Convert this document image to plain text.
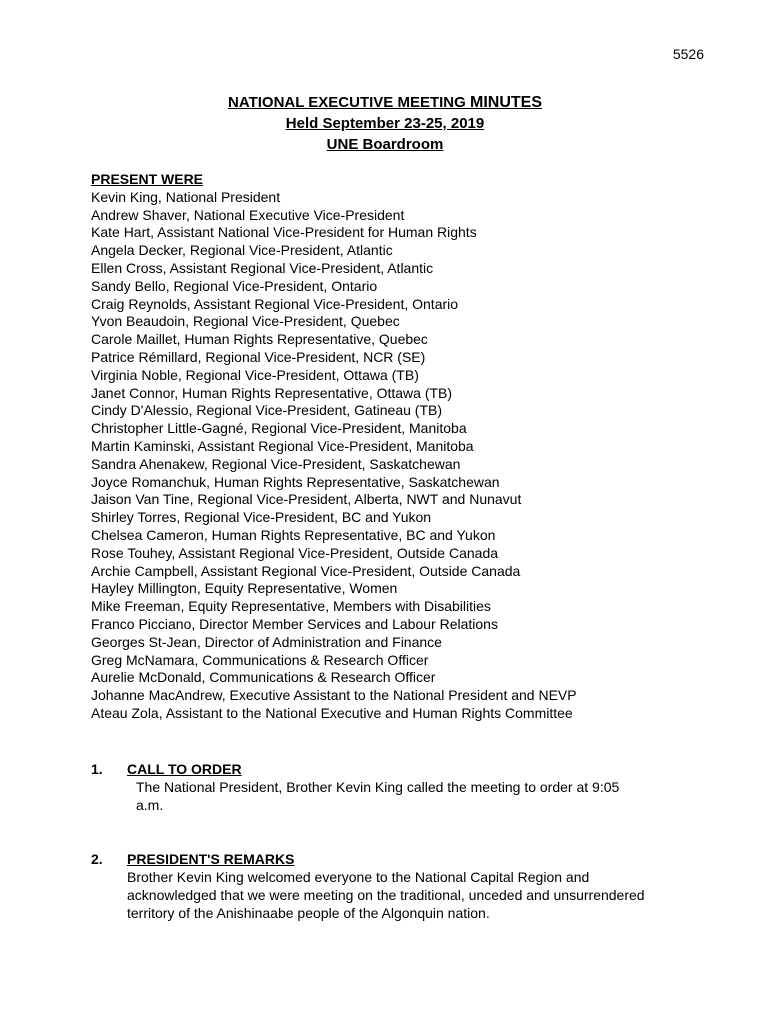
5526
NATIONAL EXECUTIVE MEETING MINUTES
Held September 23-25, 2019
UNE Boardroom
PRESENT WERE
Kevin King, National President
Andrew Shaver, National Executive Vice-President
Kate Hart, Assistant National Vice-President for Human Rights
Angela Decker, Regional Vice-President, Atlantic
Ellen Cross, Assistant Regional Vice-President, Atlantic
Sandy Bello, Regional Vice-President, Ontario
Craig Reynolds, Assistant Regional Vice-President, Ontario
Yvon Beaudoin, Regional Vice-President, Quebec
Carole Maillet, Human Rights Representative, Quebec
Patrice Rémillard, Regional Vice-President, NCR (SE)
Virginia Noble, Regional Vice-President, Ottawa (TB)
Janet Connor, Human Rights Representative, Ottawa (TB)
Cindy D'Alessio, Regional Vice-President, Gatineau (TB)
Christopher Little-Gagné, Regional Vice-President, Manitoba
Martin Kaminski, Assistant Regional Vice-President, Manitoba
Sandra Ahenakew, Regional Vice-President, Saskatchewan
Joyce Romanchuk, Human Rights Representative, Saskatchewan
Jaison Van Tine, Regional Vice-President, Alberta, NWT and Nunavut
Shirley Torres, Regional Vice-President, BC and Yukon
Chelsea Cameron, Human Rights Representative, BC and Yukon
Rose Touhey, Assistant Regional Vice-President, Outside Canada
Archie Campbell, Assistant Regional Vice-President, Outside Canada
Hayley Millington, Equity Representative, Women
Mike Freeman, Equity Representative, Members with Disabilities
Franco Picciano, Director Member Services and Labour Relations
Georges St-Jean, Director of Administration and Finance
Greg McNamara, Communications & Research Officer
Aurelie McDonald, Communications & Research Officer
Johanne MacAndrew, Executive Assistant to the National President and NEVP
Ateau Zola, Assistant to the National Executive and Human Rights Committee
1. CALL TO ORDER
The National President, Brother Kevin King called the meeting to order at 9:05
a.m.
2. PRESIDENT'S REMARKS
Brother Kevin King welcomed everyone to the National Capital Region and
acknowledged that we were meeting on the traditional, unceded and unsurrendered
territory of the Anishinaabe people of the Algonquin nation.
